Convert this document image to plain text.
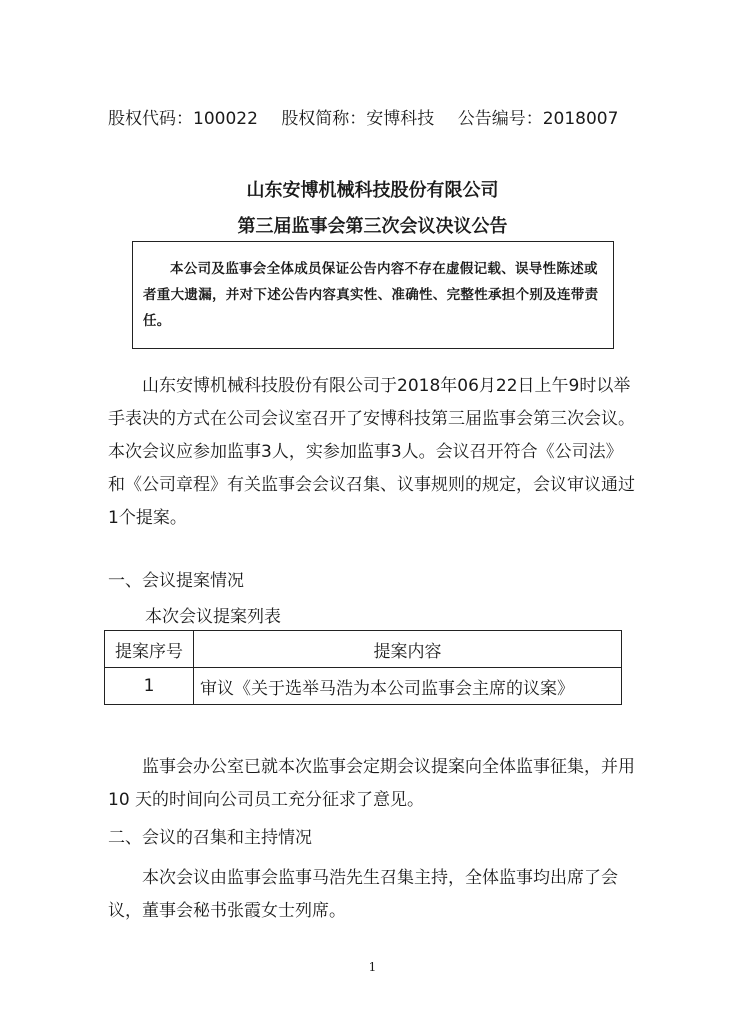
股权代码：100022 股权简称：安博科技 公告编号：2018007
山东安博机械科技股份有限公司
第三届监事会第三次会议决议公告
本公司及监事会全体成员保证公告内容不存在虚假记载、误导性陈述或者重大遗漏，并对下述公告内容真实性、准确性、完整性承担个别及连带责任。
山东安博机械科技股份有限公司于2018年06月22日上午9时以举手表决的方式在公司会议室召开了安博科技第三届监事会第三次会议。本次会议应参加监事3人，实参加监事3人。会议召开符合《公司法》和《公司章程》有关监事会会议召集、议事规则的规定，会议审议通过1个提案。
一、会议提案情况
本次会议提案列表
提案序号	提案内容
1	审议《关于选举马浩为本公司监事会主席的议案》
监事会办公室已就本次监事会定期会议提案向全体监事征集，并用 10 天的时间向公司员工充分征求了意见。
二、会议的召集和主持情况
本次会议由监事会监事马浩先生召集主持，全体监事均出席了会议，董事会秘书张霞女士列席。
1
